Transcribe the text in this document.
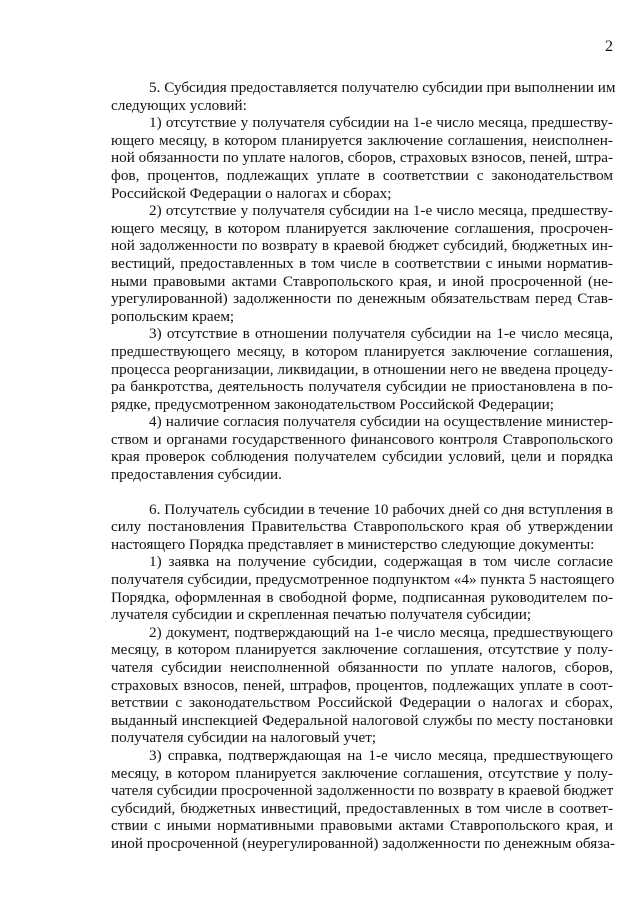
2
5. Субсидия предоставляется получателю субсидии при выполнении им
следующих условий:
1) отсутствие у получателя субсидии на 1-е число месяца, предшеству-
ющего месяцу, в котором планируется заключение соглашения, неисполнен-
ной обязанности по уплате налогов, сборов, страховых взносов, пеней, штра-
фов, процентов, подлежащих уплате в соответствии с законодательством
Российской Федерации о налогах и сборах;
2) отсутствие у получателя субсидии на 1-е число месяца, предшеству-
ющего месяцу, в котором планируется заключение соглашения, просрочен-
ной задолженности по возврату в краевой бюджет субсидий, бюджетных ин-
вестиций, предоставленных в том числе в соответствии с иными норматив-
ными правовыми актами Ставропольского края, и иной просроченной (не-
урегулированной) задолженности по денежным обязательствам перед Став-
ропольским краем;
3) отсутствие в отношении получателя субсидии на 1-е число месяца,
предшествующего месяцу, в котором планируется заключение соглашения,
процесса реорганизации, ликвидации, в отношении него не введена процеду-
ра банкротства, деятельность получателя субсидии не приостановлена в по-
рядке, предусмотренном законодательством Российской Федерации;
4) наличие согласия получателя субсидии на осуществление министер-
ством и органами государственного финансового контроля Ставропольского
края проверок соблюдения получателем субсидии условий, цели и порядка
предоставления субсидии.
6. Получатель субсидии в течение 10 рабочих дней со дня вступления в
силу постановления Правительства Ставропольского края об утверждении
настоящего Порядка представляет в министерство следующие документы:
1) заявка на получение субсидии, содержащая в том числе согласие
получателя субсидии, предусмотренное подпунктом «4» пункта 5 настоящего
Порядка, оформленная в свободной форме, подписанная руководителем по-
лучателя субсидии и скрепленная печатью получателя субсидии;
2) документ, подтверждающий на 1-е число месяца, предшествующего
месяцу, в котором планируется заключение соглашения, отсутствие у полу-
чателя субсидии неисполненной обязанности по уплате налогов, сборов,
страховых взносов, пеней, штрафов, процентов, подлежащих уплате в соот-
ветствии с законодательством Российской Федерации о налогах и сборах,
выданный инспекцией Федеральной налоговой службы по месту постановки
получателя субсидии на налоговый учет;
3) справка, подтверждающая на 1-е число месяца, предшествующего
месяцу, в котором планируется заключение соглашения, отсутствие у полу-
чателя субсидии просроченной задолженности по возврату в краевой бюджет
субсидий, бюджетных инвестиций, предоставленных в том числе в соответ-
ствии с иными нормативными правовыми актами Ставропольского края, и
иной просроченной (неурегулированной) задолженности по денежным обяза-
